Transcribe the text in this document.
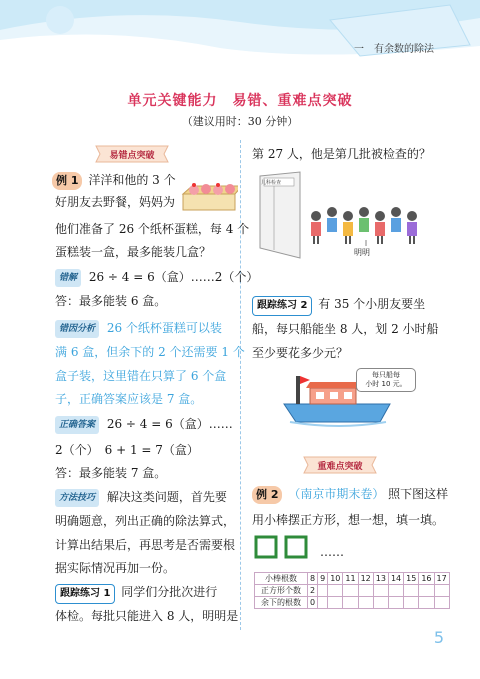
一　有余数的除法
单元关键能力　易错、重难点突破
（建议用时：30 分钟）
易错点突破
例 1 洋洋和他的 3 个
好朋友去野餐，妈妈为
他们准备了 26 个纸杯蛋糕，每 4 个
蛋糕装一盒，最多能装几盒？
错解 26 ÷ 4 = 6（盒）……2（个）
答：最多能装 6 盒。
错因分析 26 个纸杯蛋糕可以装
满 6 盒，但余下的 2 个还需要 1 个
盒子装，这里错在只算了 6 个盒
子，正确答案应该是 7 盒。
正确答案 26 ÷ 4 = 6（盒）……
2（个）　6 + 1 = 7（盒）
答：最多能装 7 盒。
方法技巧 解决这类问题，首先要
明确题意，列出正确的除法算式，
计算出结果后，再思考是否需要根
据实际情况再加一份。
跟踪练习 1 同学们分批次进行
体检。每批只能进入 8 人，明明是
第 27 人，他是第几批被检查的？
儿科检查
明明
跟踪练习 2 有 35 个小朋友要坐
船，每只船能坐 8 人，划 2 小时船
至少要花多少元？
每只船每
小时 10 元。
重难点突破
例 2 （南京市期末卷） 照下图这样
用小棒摆正方形，想一想，填一填。
……
小棒根数	8	9	10	11	12	13	14	15	16	17
正方形个数	2									
余下的根数	0									
5
